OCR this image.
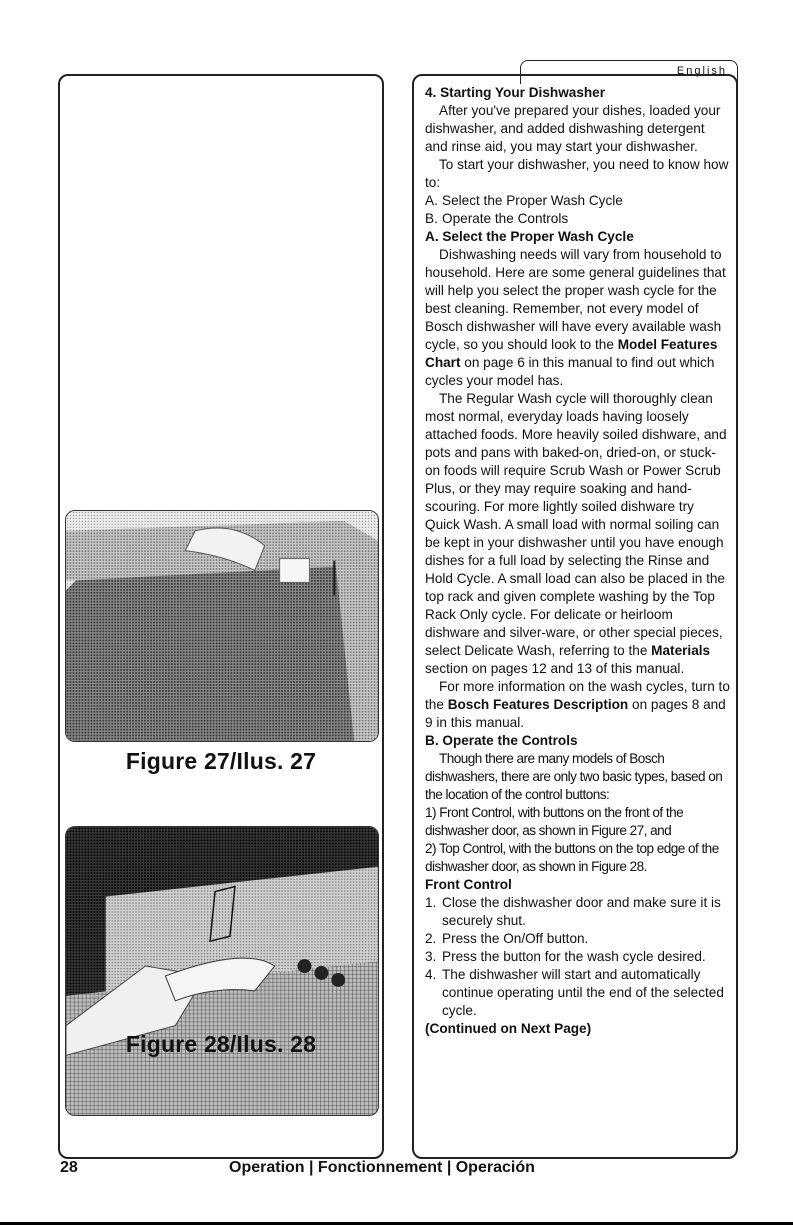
Figure 27/Ilus. 27
Figure 28/Ilus. 28
English

4. Starting Your Dishwasher

After you've prepared your dishes, loaded your dishwasher, and added dishwashing detergent and rinse aid, you may start your dishwasher.

To start your dishwasher, you need to know how to:

A. Select the Proper Wash Cycle
B. Operate the Controls

A. Select the Proper Wash Cycle

Dishwashing needs will vary from household to household. Here are some general guidelines that will help you select the proper wash cycle for the best cleaning. Remember, not every model of Bosch dishwasher will have every available wash cycle, so you should look to the Model Features Chart on page 6 in this manual to find out which cycles your model has.

The Regular Wash cycle will thoroughly clean most normal, everyday loads having loosely attached foods. More heavily soiled dishware, and pots and pans with baked-on, dried-on, or stuck-on foods will require Scrub Wash or Power Scrub Plus, or they may require soaking and hand-scouring. For more lightly soiled dishware try Quick Wash. A small load with normal soiling can be kept in your dishwasher until you have enough dishes for a full load by selecting the Rinse and Hold Cycle. A small load can also be placed in the top rack and given complete washing by the Top Rack Only cycle. For delicate or heirloom dishware and silver-ware, or other special pieces, select Delicate Wash, referring to the Materials section on pages 12 and 13 of this manual.

For more information on the wash cycles, turn to the Bosch Features Description on pages 8 and 9 in this manual.

B. Operate the Controls

Though there are many models of Bosch dishwashers, there are only two basic types, based on the location of the control buttons:

1) Front Control, with buttons on the front of the dishwasher door, as shown in Figure 27, and

2) Top Control, with the buttons on the top edge of the dishwasher door, as shown in Figure 28.

Front Control

1. Close the dishwasher door and make sure it is securely shut.
2. Press the On/Off button.
3. Press the button for the wash cycle desired.
4. The dishwasher will start and automatically continue operating until the end of the selected cycle.

(Continued on Next Page)

28	Operation | Fonctionnement | Operación
